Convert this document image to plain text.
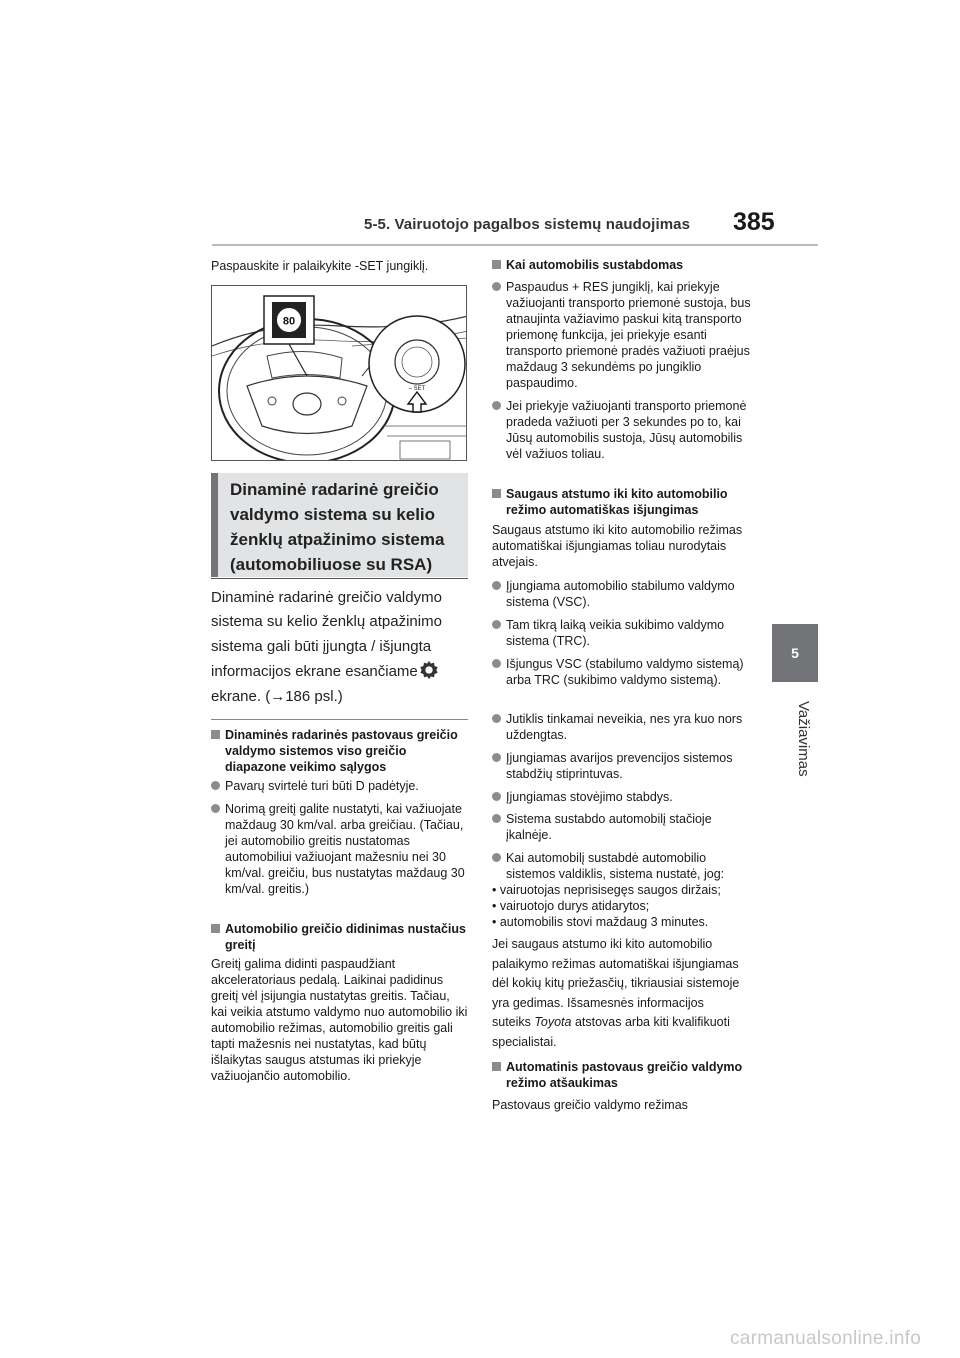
5-5. Vairuotojo pagalbos sistemų naudojimas 385
5
Važiavimas
Paspauskite ir palaikykite -SET jungiklį.
80
– SET
Dinaminė radarinė greičio valdymo sistema su kelio ženklų atpažinimo sistema (automobiliuose su RSA)
Dinaminė radarinė greičio valdymo
sistema su kelio ženklų atpažinimo
sistema gali būti įjungta / išjungta
informacijos ekrane esančiame
ekrane. (→186 psl.)
Dinaminės radarinės pastovaus greičio valdymo sistemos viso greičio diapazone veikimo sąlygos
Pavarų svirtelė turi būti D padėtyje.
Norimą greitį galite nustatyti, kai važiuojate maždaug 30 km/val. arba greičiau. (Tačiau, jei automobilio greitis nustatomas automobiliui važiuojant mažesniu nei 30 km/val. greičiu, bus nustatytas maždaug 30 km/val. greitis.)
Automobilio greičio didinimas nustačius greitį
Greitį galima didinti paspaudžiant akceleratoriaus pedalą. Laikinai padidinus greitį vėl įsijungia nustatytas greitis. Tačiau, kai veikia atstumo valdymo nuo automobilio iki automobilio režimas, automobilio greitis gali tapti mažesnis nei nustatytas, kad būtų išlaikytas saugus atstumas iki priekyje važiuojančio automobilio.
Kai automobilis sustabdomas
Paspaudus + RES jungiklį, kai priekyje važiuojanti transporto priemonė sustoja, bus atnaujinta važiavimo paskui kitą transporto priemonę funkcija, jei priekyje esanti transporto priemonė pradės važiuoti praėjus maždaug 3 sekundėms po jungiklio paspaudimo.
Jei priekyje važiuojanti transporto priemonė pradeda važiuoti per 3 sekundes po to, kai Jūsų automobilis sustoja, Jūsų automobilis vėl važiuos toliau.
Saugaus atstumo iki kito automobilio režimo automatiškas išjungimas
Saugaus atstumo iki kito automobilio režimas automatiškai išjungiamas toliau nurodytais atvejais.
Įjungiama automobilio stabilumo valdymo sistema (VSC).
Tam tikrą laiką veikia sukibimo valdymo sistema (TRC).
Išjungus VSC (stabilumo valdymo sistemą) arba TRC (sukibimo valdymo sistemą).
Jutiklis tinkamai neveikia, nes yra kuo nors uždengtas.
Įjungiamas avarijos prevencijos sistemos stabdžių stiprintuvas.
Įjungiamas stovėjimo stabdys.
Sistema sustabdo automobilį stačioje įkalnėje.
Kai automobilį sustabdė automobilio sistemos valdiklis, sistema nustatė, jog:
• vairuotojas neprisisegęs saugos diržais;
• vairuotojo durys atidarytos;
• automobilis stovi maždaug 3 minutes.
Jei saugaus atstumo iki kito automobilio
palaikymo režimas automatiškai išjungiamas
dėl kokių kitų priežasčių, tikriausiai sistemoje
yra gedimas. Išsamesnės informacijos
suteiks Toyota atstovas arba kiti kvalifikuoti
specialistai.
Automatinis pastovaus greičio valdymo režimo atšaukimas
Pastovaus greičio valdymo režimas
carmanualsonline.info
